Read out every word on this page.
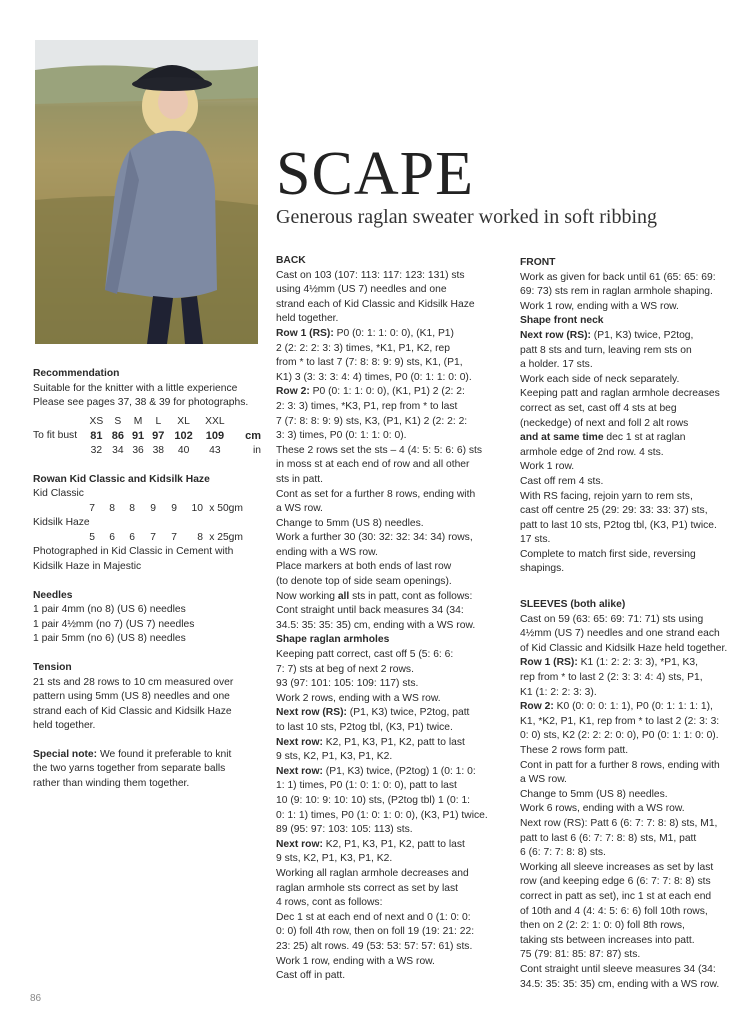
SCAPE
Generous raglan sweater worked in soft ribbing

Recommendation

Suitable for the knitter with a little experience

Please see pages 37, 38 & 39 for photographs.

	XS	S	M	L	XL	XXL	
To fit bust	81	86	91	97	102	109	cm
	32	34	36	38	40	43	in

Rowan Kid Classic and Kidsilk Haze

Kid Classic

7	8	8	9	9	10 x 50gm

Kidsilk Haze

5	6	6	7	7	8 x 25gm

Photographed in Kid Classic in Cement with

Kidsilk Haze in Majestic

Needles

1 pair 4mm (no 8) (US 6) needles

1 pair 4½mm (no 7) (US 7) needles

1 pair 5mm (no 6) (US 8) needles

Tension

21 sts and 28 rows to 10 cm measured over

pattern using 5mm (US 8) needles and one

strand each of Kid Classic and Kidsilk Haze

held together.

Special note: We found it preferable to knit

the two yarns together from separate balls

rather than winding them together.

BACK

Cast on 103 (107: 113: 117: 123: 131) sts

using 4½mm (US 7) needles and one

strand each of Kid Classic and Kidsilk Haze

held together.

Row 1 (RS): P0 (0: 1: 1: 0: 0), (K1, P1)

2 (2: 2: 2: 3: 3) times, *K1, P1, K2, rep

from * to last 7 (7: 8: 8: 9: 9) sts, K1, (P1,

K1) 3 (3: 3: 3: 4: 4) times, P0 (0: 1: 1: 0: 0).

Row 2: P0 (0: 1: 1: 0: 0), (K1, P1) 2 (2: 2:

2: 3: 3) times, *K3, P1, rep from * to last

7 (7: 8: 8: 9: 9) sts, K3, (P1, K1) 2 (2: 2: 2:

3: 3) times, P0 (0: 1: 1: 0: 0).

These 2 rows set the sts – 4 (4: 5: 5: 6: 6) sts

in moss st at each end of row and all other

sts in patt.

Cont as set for a further 8 rows, ending with

a WS row.

Change to 5mm (US 8) needles.

Work a further 30 (30: 32: 32: 34: 34) rows,

ending with a WS row.

Place markers at both ends of last row

(to denote top of side seam openings).

Now working all sts in patt, cont as follows:

Cont straight until back measures 34 (34:

34.5: 35: 35: 35) cm, ending with a WS row.

Shape raglan armholes

Keeping patt correct, cast off 5 (5: 6: 6:

7: 7) sts at beg of next 2 rows.

93 (97: 101: 105: 109: 117) sts.

Work 2 rows, ending with a WS row.

Next row (RS): (P1, K3) twice, P2tog, patt

to last 10 sts, P2tog tbl, (K3, P1) twice.

Next row: K2, P1, K3, P1, K2, patt to last

9 sts, K2, P1, K3, P1, K2.

Next row: (P1, K3) twice, (P2tog) 1 (0: 1: 0:

1: 1) times, P0 (1: 0: 1: 0: 0), patt to last

10 (9: 10: 9: 10: 10) sts, (P2tog tbl) 1 (0: 1:

0: 1: 1) times, P0 (1: 0: 1: 0: 0), (K3, P1) twice.

89 (95: 97: 103: 105: 113) sts.

Next row: K2, P1, K3, P1, K2, patt to last

9 sts, K2, P1, K3, P1, K2.

Working all raglan armhole decreases and

raglan armhole sts correct as set by last

4 rows, cont as follows:

Dec 1 st at each end of next and 0 (1: 0: 0:

0: 0) foll 4th row, then on foll 19 (19: 21: 22:

23: 25) alt rows. 49 (53: 53: 57: 57: 61) sts.

Work 1 row, ending with a WS row.

Cast off in patt.

FRONT

Work as given for back until 61 (65: 65: 69:

69: 73) sts rem in raglan armhole shaping.

Work 1 row, ending with a WS row.

Shape front neck

Next row (RS): (P1, K3) twice, P2tog,

patt 8 sts and turn, leaving rem sts on

a holder. 17 sts.

Work each side of neck separately.

Keeping patt and raglan armhole decreases

correct as set, cast off 4 sts at beg

(neckedge) of next and foll 2 alt rows

and at same time dec 1 st at raglan

armhole edge of 2nd row. 4 sts.

Work 1 row.

Cast off rem 4 sts.

With RS facing, rejoin yarn to rem sts,

cast off centre 25 (29: 29: 33: 33: 37) sts,

patt to last 10 sts, P2tog tbl, (K3, P1) twice.

17 sts.

Complete to match first side, reversing

shapings.

SLEEVES (both alike)

Cast on 59 (63: 65: 69: 71: 71) sts using

4½mm (US 7) needles and one strand each

of Kid Classic and Kidsilk Haze held together.

Row 1 (RS): K1 (1: 2: 2: 3: 3), *P1, K3,

rep from * to last 2 (2: 3: 3: 4: 4) sts, P1,

K1 (1: 2: 2: 3: 3).

Row 2: K0 (0: 0: 0: 1: 1), P0 (0: 1: 1: 1: 1),

K1, *K2, P1, K1, rep from * to last 2 (2: 3: 3:

0: 0) sts, K2 (2: 2: 2: 0: 0), P0 (0: 1: 1: 0: 0).

These 2 rows form patt.

Cont in patt for a further 8 rows, ending with

a WS row.

Change to 5mm (US 8) needles.

Work 6 rows, ending with a WS row.

Next row (RS): Patt 6 (6: 7: 7: 8: 8) sts, M1,

patt to last 6 (6: 7: 7: 8: 8) sts, M1, patt

6 (6: 7: 7: 8: 8) sts.

Working all sleeve increases as set by last

row (and keeping edge 6 (6: 7: 7: 8: 8) sts

correct in patt as set), inc 1 st at each end

of 10th and 4 (4: 4: 5: 6: 6) foll 10th rows,

then on 2 (2: 2: 1: 0: 0) foll 8th rows,

taking sts between increases into patt.

75 (79: 81: 85: 87: 87) sts.

Cont straight until sleeve measures 34 (34:

34.5: 35: 35: 35) cm, ending with a WS row.

86
